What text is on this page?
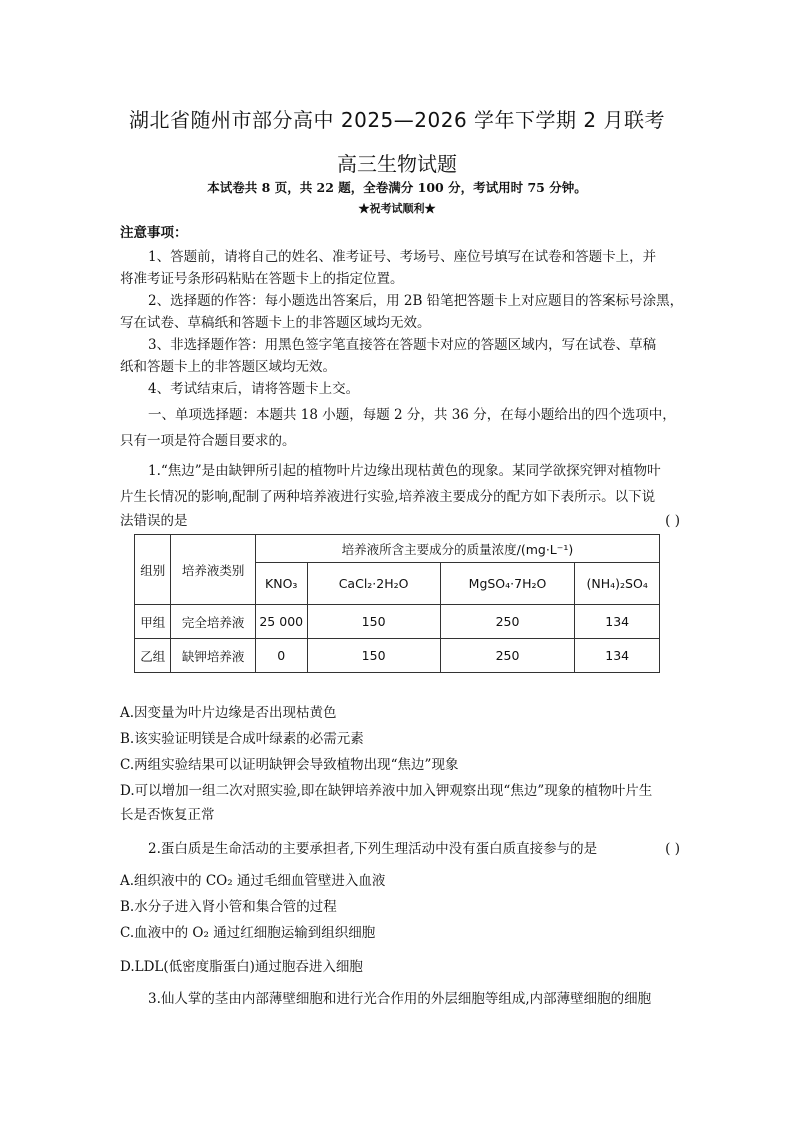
湖北省随州市部分高中 2025—2026 学年下学期 2 月联考
高三生物试题
本试卷共 8 页，共 22 题，全卷满分 100 分，考试用时 75 分钟。
★祝考试顺利★
注意事项：
1、答题前，请将自己的姓名、准考证号、考场号、座位号填写在试卷和答题卡上，并
将准考证号条形码粘贴在答题卡上的指定位置。
2、选择题的作答：每小题选出答案后，用 2B 铅笔把答题卡上对应题目的答案标号涂黑，
写在试卷、草稿纸和答题卡上的非答题区域均无效。
3、非选择题作答：用黑色签字笔直接答在答题卡对应的答题区域内，写在试卷、草稿
纸和答题卡上的非答题区域均无效。
4、考试结束后，请将答题卡上交。
一、单项选择题：本题共 18 小题，每题 2 分，共 36 分，在每小题给出的四个选项中，
只有一项是符合题目要求的。
1.“焦边”是由缺钾所引起的植物叶片边缘出现枯黄色的现象。某同学欲探究钾对植物叶
片生长情况的影响,配制了两种培养液进行实验,培养液主要成分的配方如下表所示。以下说
法错误的是	( )
组别	培养液类别	培养液所含主要成分的质量浓度/(mg·L⁻¹)			
		KNO₃	CaCl₂·2H₂O	MgSO₄·7H₂O	(NH₄)₂SO₄
甲组	完全培养液	25 000	150	250	134
乙组	缺钾培养液	0	150	250	134
A.因变量为叶片边缘是否出现枯黄色
B.该实验证明镁是合成叶绿素的必需元素
C.两组实验结果可以证明缺钾会导致植物出现“焦边”现象
D.可以增加一组二次对照实验,即在缺钾培养液中加入钾观察出现“焦边”现象的植物叶片生
长是否恢复正常
2.蛋白质是生命活动的主要承担者,下列生理活动中没有蛋白质直接参与的是	( )
A.组织液中的 CO₂ 通过毛细血管壁进入血液
B.水分子进入肾小管和集合管的过程
C.血液中的 O₂ 通过红细胞运输到组织细胞
D.LDL(低密度脂蛋白)通过胞吞进入细胞
3.仙人掌的茎由内部薄壁细胞和进行光合作用的外层细胞等组成,内部薄壁细胞的细胞
